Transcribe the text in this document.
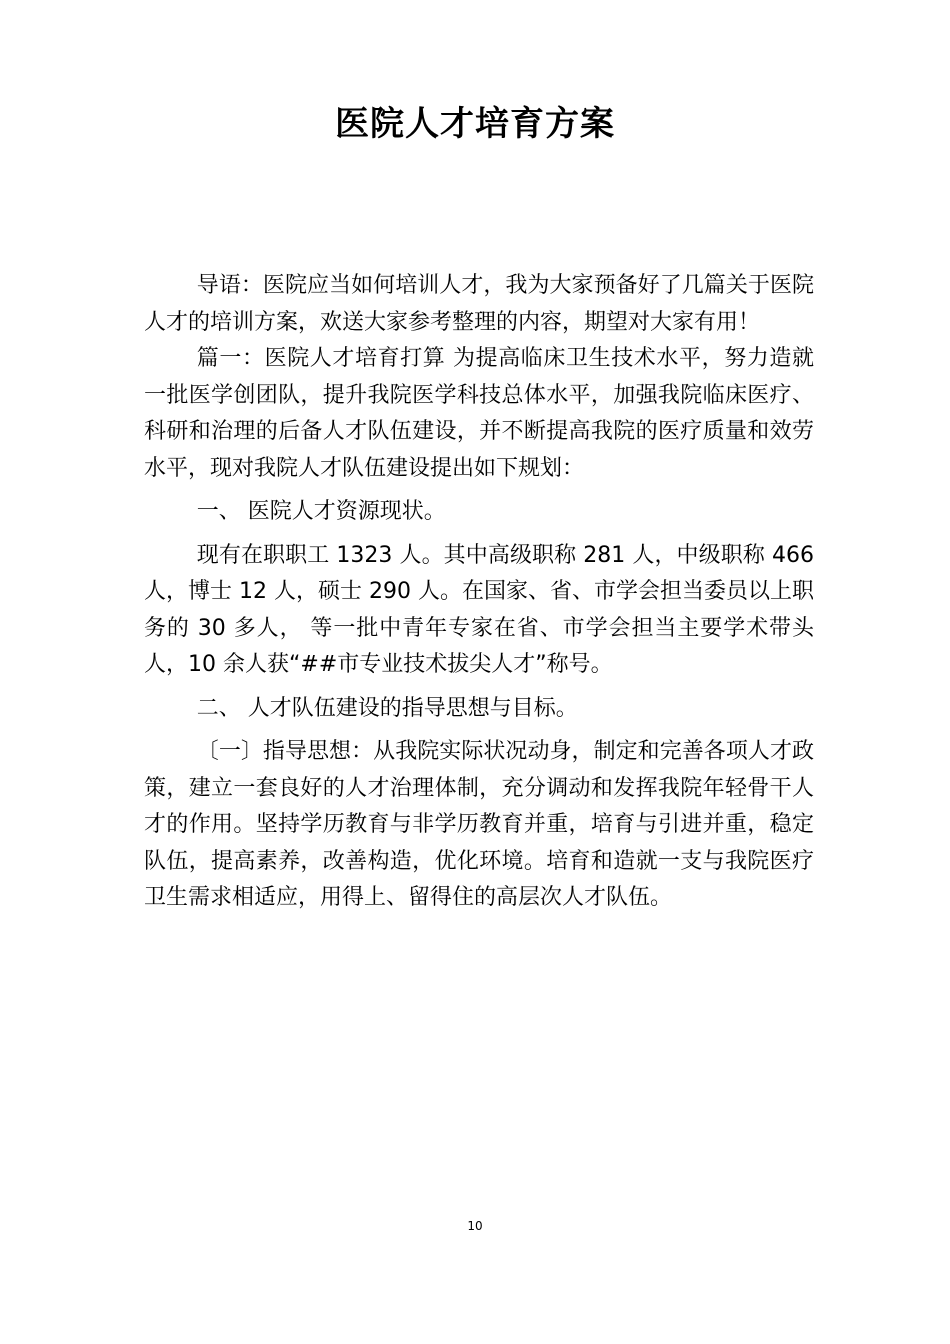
医院人才培育方案

导语：医院应当如何培训人才，我为大家预备好了几篇关于医院人才的培训方案，欢送大家参考整理的内容，期望对大家有用！

篇一：医院人才培育打算 为提高临床卫生技术水平，努力造就一批医学创团队，提升我院医学科技总体水平，加强我院临床医疗、科研和治理的后备人才队伍建设，并不断提高我院的医疗质量和效劳水平，现对我院人才队伍建设提出如下规划：

一、 医院人才资源现状。

现有在职职工 1323 人。其中高级职称 281 人，中级职称 466 人，博士 12 人，硕士 290 人。在国家、省、市学会担当委员以上职务的 30 多人， 等一批中青年专家在省、市学会担当主要学术带头人，10 余人获“##市专业技术拔尖人才”称号。

二、 人才队伍建设的指导思想与目标。

〔一〕指导思想：从我院实际状况动身，制定和完善各项人才政策，建立一套良好的人才治理体制，充分调动和发挥我院年轻骨干人才的作用。坚持学历教育与非学历教育并重，培育与引进并重，稳定队伍，提高素养，改善构造，优化环境。培育和造就一支与我院医疗卫生需求相适应，用得上、留得住的高层次人才队伍。

10
